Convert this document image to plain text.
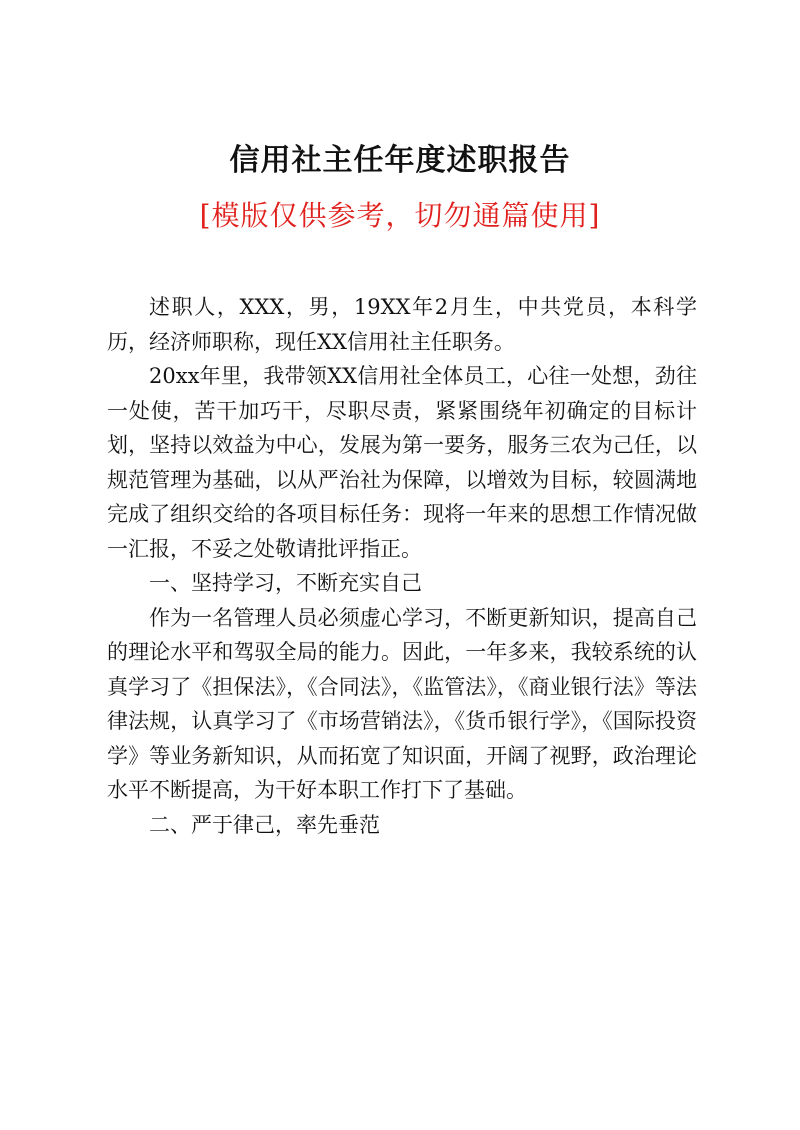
信用社主任年度述职报告
[模版仅供参考，切勿通篇使用]

述职人，XXX，男，19XX年2月生，中共党员，本科学历，经济师职称，现任XX信用社主任职务。

20xx年里，我带领XX信用社全体员工，心往一处想，劲往一处使，苦干加巧干，尽职尽责，紧紧围绕年初确定的目标计划，坚持以效益为中心，发展为第一要务，服务三农为己任，以规范管理为基础，以从严治社为保障，以增效为目标，较圆满地完成了组织交给的各项目标任务：现将一年来的思想工作情况做一汇报，不妥之处敬请批评指正。

一、坚持学习，不断充实自己

作为一名管理人员必须虚心学习，不断更新知识，提高自己的理论水平和驾驭全局的能力。因此，一年多来，我较系统的认真学习了《担保法》，《合同法》，《监管法》，《商业银行法》等法律法规，认真学习了《市场营销法》，《货币银行学》，《国际投资学》等业务新知识，从而拓宽了知识面，开阔了视野，政治理论水平不断提高，为干好本职工作打下了基础。

二、严于律己，率先垂范
